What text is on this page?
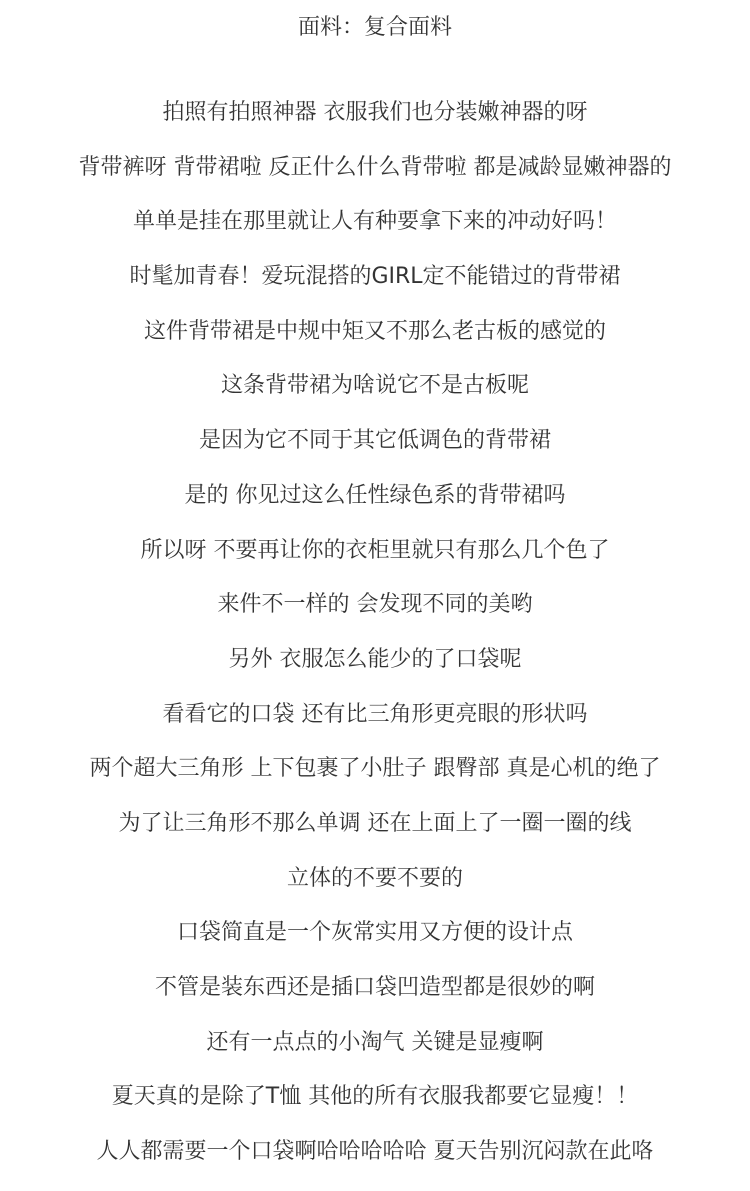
面料：复合面料
拍照有拍照神器 衣服我们也分装嫩神器的呀
背带裤呀 背带裙啦 反正什么什么背带啦 都是减龄显嫩神器的
单单是挂在那里就让人有种要拿下来的冲动好吗！
时髦加青春！爱玩混搭的GIRL定不能错过的背带裙
这件背带裙是中规中矩又不那么老古板的感觉的
这条背带裙为啥说它不是古板呢
是因为它不同于其它低调色的背带裙
是的 你见过这么任性绿色系的背带裙吗
所以呀 不要再让你的衣柜里就只有那么几个色了
来件不一样的 会发现不同的美哟
另外 衣服怎么能少的了口袋呢
看看它的口袋 还有比三角形更亮眼的形状吗
两个超大三角形 上下包裹了小肚子 跟臀部 真是心机的绝了
为了让三角形不那么单调 还在上面上了一圈一圈的线
立体的不要不要的
口袋简直是一个灰常实用又方便的设计点
不管是装东西还是插口袋凹造型都是很妙的啊
还有一点点的小淘气 关键是显瘦啊
夏天真的是除了T恤 其他的所有衣服我都要它显瘦！！
人人都需要一个口袋啊哈哈哈哈哈 夏天告别沉闷款在此咯
